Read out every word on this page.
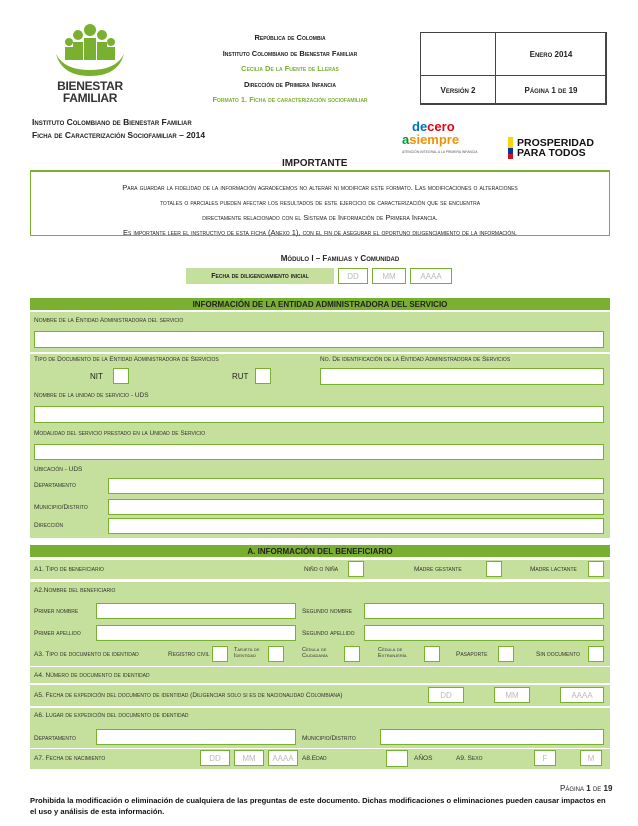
BIENESTAR
FAMILIAR
República de Colombia
Instituto Colombiano de Bienestar Familiar
Cecilia De la Fuente de Lleras
Dirección de Primera Infancia
Formato 1. Ficha de caracterización sociofamiliar
Enero 2014
Versión 2	Página 1 de 19
Instituto Colombiano de Bienestar Familiar
Ficha de Caracterización Sociofamiliar – 2014
decero
asiempre
ATENCIÓN INTEGRAL A LA PRIMERA INFANCIA
PROSPERIDAD
PARA TODOS
IMPORTANTE
Para guardar la fidelidad de la información agradecemos no alterar ni modificar este formato. Las modificaciones o alteraciones
totales o parciales pueden afectar los resultados de este ejercicio de caracterización que se encuentra
directamente relacionado con el Sistema de Información de Primera Infancia.
Es importante leer el instructivo de esta ficha (Anexo 1), con el fin de asegurar el oportuno diligenciamiento de la información.
Módulo I – Familias y Comunidad
Fecha de diligenciamiento inicial	DD	MM	AAAA
INFORMACIÓN DE LA ENTIDAD ADMINISTRADORA DEL SERVICIO
Nombre de la Entidad Administradora del servicio
Tipo de Documento de la Entidad Administradora de Servicios	No. De identificación de la Entidad Administradora de Servicios
NIT	RUT
Nombre de la unidad de servicio - UDS
Modalidad del servicio prestado en la Unidad de Servicio
Ubicación - UDS
Departamento
Municipio/Distrito
Dirección
A. INFORMACIÓN DEL BENEFICIARIO
A1. Tipo de beneficiario	Niño o Niña	Madre gestante	Madre lactante
A2.Nombre del beneficiario
Primer nombre	Segundo nombre
Primer apellido	Segundo apellido
A3. Tipo de documento de identidad	Registro civil
Tarjeta de
Identidad
Cédula de
Ciudadanía
Cédula de
Extranjería	Pasaporte	Sin documento
A4. Número de documento de identidad
A5. Fecha de expedición del documento de identidad (Diligenciar solo si es de nacionalidad Colombiana)	DD	MM	AAAA
A6. Lugar de expedición del documento de identidad
Departamento	Municipio/Distrito
A7. Fecha de nacimiento	DD	MM	AAAA	A8.Edad	AÑOS	A9. Sexo	F	M
Página 1 de 19
Prohibida la modificación o eliminación de cualquiera de las preguntas de este documento. Dichas modificaciones o eliminaciones pueden causar impactos en el uso y análisis de esta información.
